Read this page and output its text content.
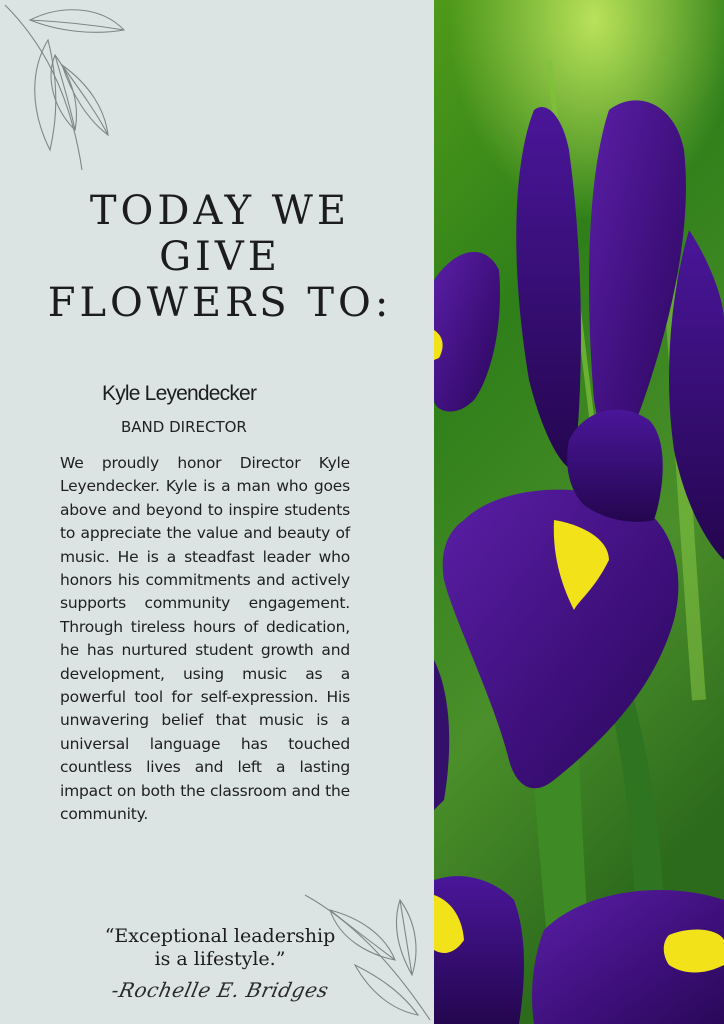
TODAY WE
GIVE
FLOWERS TO:
Kyle Leyendecker
BAND DIRECTOR

We proudly honor Director Kyle Leyendecker. Kyle is a man who goes above and beyond to inspire students to appreciate the value and beauty of music. He is a steadfast leader who honors his commitments and actively supports community engagement. Through tireless hours of dedication, he has nurtured student growth and development, using music as a powerful tool for self-expression. His unwavering belief that music is a universal language has touched countless lives and left a lasting impact on both the classroom and the community.

“Exceptional leadership
is a lifestyle.”
-Rochelle E. Bridges
